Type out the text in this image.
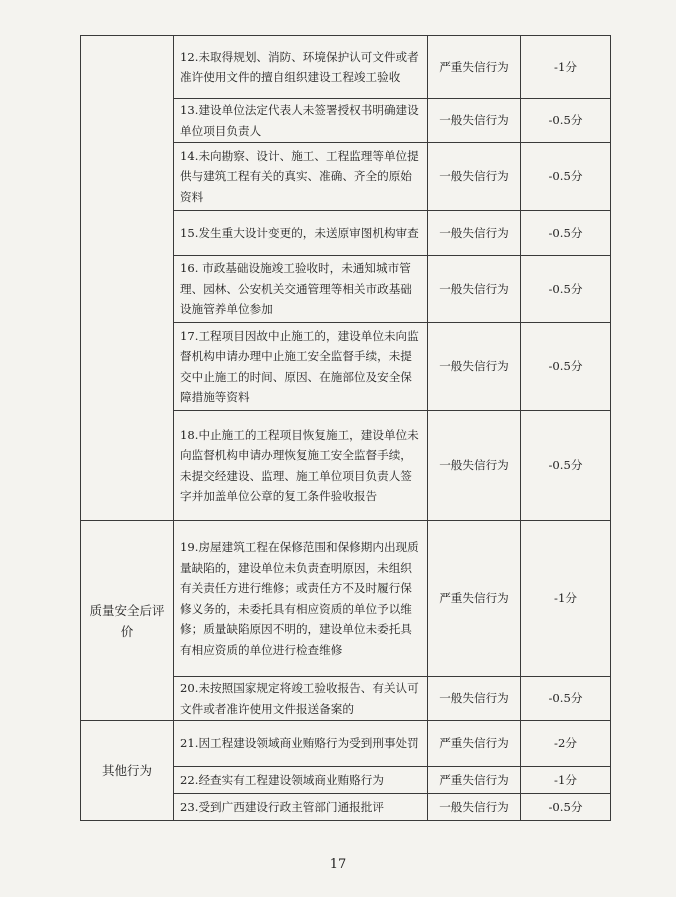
	12.未取得规划、消防、环境保护认可文件或者准许使用文件的擅自组织建设工程竣工验收	严重失信行为	-1分

	13.建设单位法定代表人未签署授权书明确建设单位项目负责人	一般失信行为	-0.5分

	14.未向勘察、设计、施工、工程监理等单位提供与建筑工程有关的真实、准确、齐全的原始资料	一般失信行为	-0.5分

	15.发生重大设计变更的，未送原审图机构审查	一般失信行为	-0.5分

	16. 市政基础设施竣工验收时，未通知城市管理、园林、公安机关交通管理等相关市政基础设施管养单位参加	一般失信行为	-0.5分

	17.工程项目因故中止施工的，建设单位未向监督机构申请办理中止施工安全监督手续，未提交中止施工的时间、原因、在施部位及安全保障措施等资料	一般失信行为	-0.5分

	18.中止施工的工程项目恢复施工，建设单位未向监督机构申请办理恢复施工安全监督手续，未提交经建设、监理、施工单位项目负责人签字并加盖单位公章的复工条件验收报告	一般失信行为	-0.5分
质量安全后评价	19.房屋建筑工程在保修范围和保修期内出现质量缺陷的，建设单位未负责查明原因，未组织有关责任方进行维修；或责任方不及时履行保修义务的，未委托具有相应资质的单位予以维修；质量缺陷原因不明的，建设单位未委托具有相应资质的单位进行检查维修	严重失信行为	-1分

	20.未按照国家规定将竣工验收报告、有关认可文件或者准许使用文件报送备案的	一般失信行为	-0.5分
其他行为	21.因工程建设领域商业贿赂行为受到刑事处罚	严重失信行为	-2分

	22.经查实有工程建设领域商业贿赂行为	严重失信行为	-1分

	23.受到广西建设行政主管部门通报批评	一般失信行为	-0.5分
17
